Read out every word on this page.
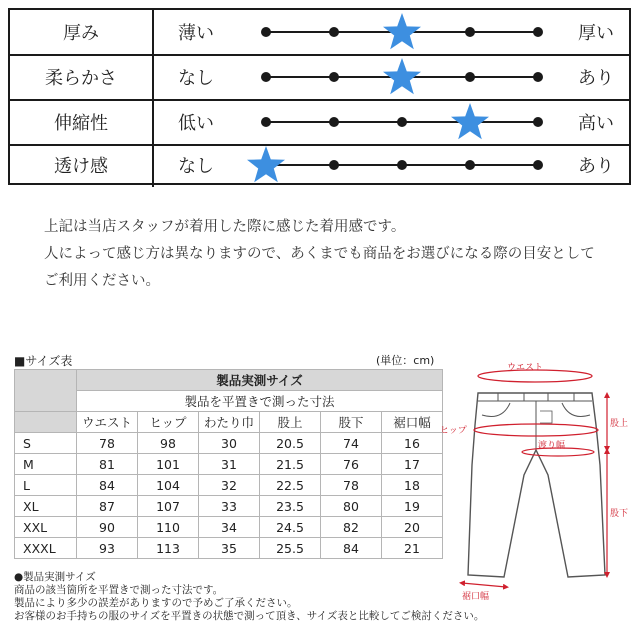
厚み	薄い	厚い
柔らかさ	なし	あり
伸縮性	低い	高い
透け感	なし	あり
上記は当店スタッフが着用した際に感じた着用感です。
人によって感じ方は異なりますので、あくまでも商品をお選びになる際の目安として
ご利用ください。
■サイズ表	(単位：cm)
	製品実測サイズ					
	製品を平置きで測った寸法					
	ウエスト	ヒップ	わたり巾	股上	股下	裾口幅
S	78	98	30	20.5	74	16
M	81	101	31	21.5	76	17
L	84	104	32	22.5	78	18
XL	87	107	33	23.5	80	19
XXL	90	110	34	24.5	82	20
XXXL	93	113	35	25.5	84	21
●製品実測サイズ
商品の該当箇所を平置きで測った寸法です。
製品により多少の誤差がありますので予めご了承ください。
お客様のお手持ちの服のサイズを平置きの状態で測って頂き、サイズ表と比較してご検討ください。
ウエスト
ヒップ
渡り幅
股上
股下
裾口幅
